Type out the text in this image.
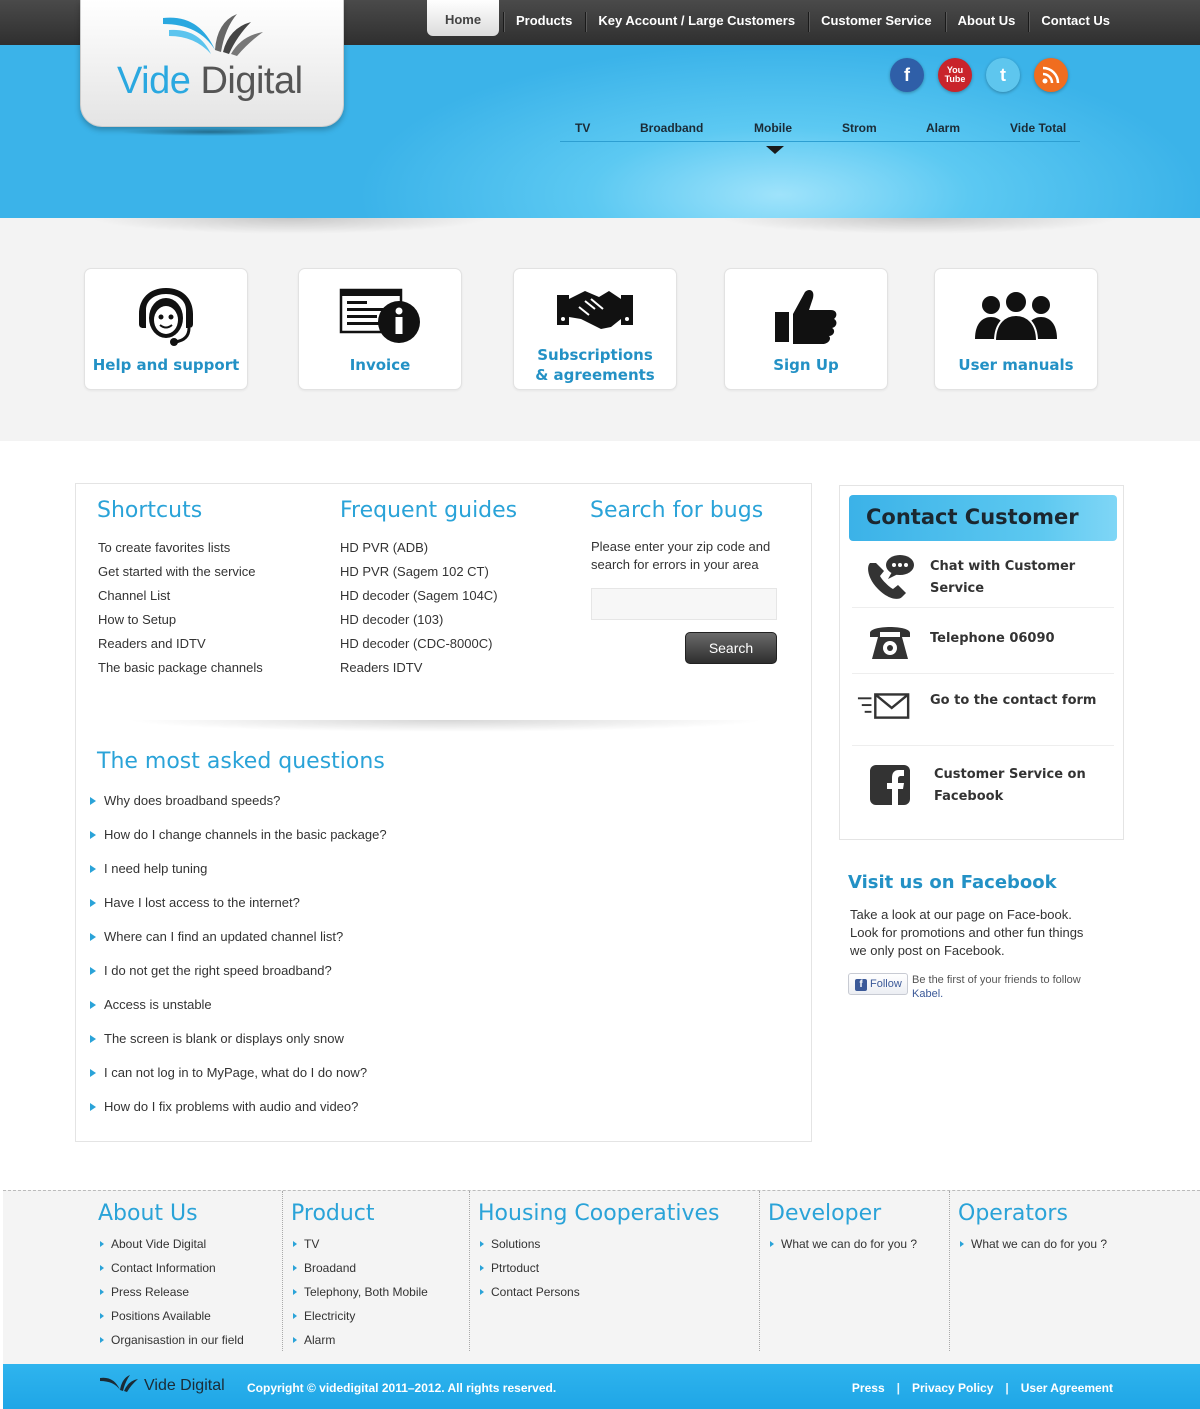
Vide Digital
Home	Products	Key Account / Large Customers	Customer Service	About Us	Contact Us
f	You
Tube	t
TV	Broadband	Mobile	Strom	Alarm	Vide Total
Help and support	Invoice
Subscriptions & agreements
Sign Up	User manuals
Shortcuts
To create favorites lists
Get started with the service
Channel List
How to Setup
Readers and IDTV
The basic package channels
Frequent guides
HD PVR (ADB)
HD PVR (Sagem 102 CT)
HD decoder (Sagem 104C)
HD decoder (103)
HD decoder (CDC-8000C)
Readers IDTV
Search for bugs

Please enter your zip code and search for errors in your area

Search
The most asked questions
Why does broadband speeds?
How do I change channels in the basic package?
I need help tuning
Have I lost access to the internet?
Where can I find an updated channel list?
I do not get the right speed broadband?
Access is unstable
The screen is blank or displays only snow
I can not log in to MyPage, what do I do now?
How do I fix problems with audio and video?
Contact Customer
Chat with Customer Service
Telephone 06090
Go to the contact form
Customer Service on Facebook
Visit us on Facebook

Take a look at our page on Face-book. Look for promotions and other fun things we only post on Facebook.

f Follow Be the first of your friends to follow Kabel.
About Us
About Vide Digital
Contact Information
Press Release
Positions Available
Organisastion in our field
Product
TV
Broadand
Telephony, Both Mobile
Electricity
Alarm
Housing Cooperatives
Solutions
Ptrtoduct
Contact Persons
Developer
What we can do for you ?
Operators
What we can do for you ?
Vide Digital Copyright © videdigital 2011–2012. All rights reserved.	Press | Privacy Policy | User Agreement
